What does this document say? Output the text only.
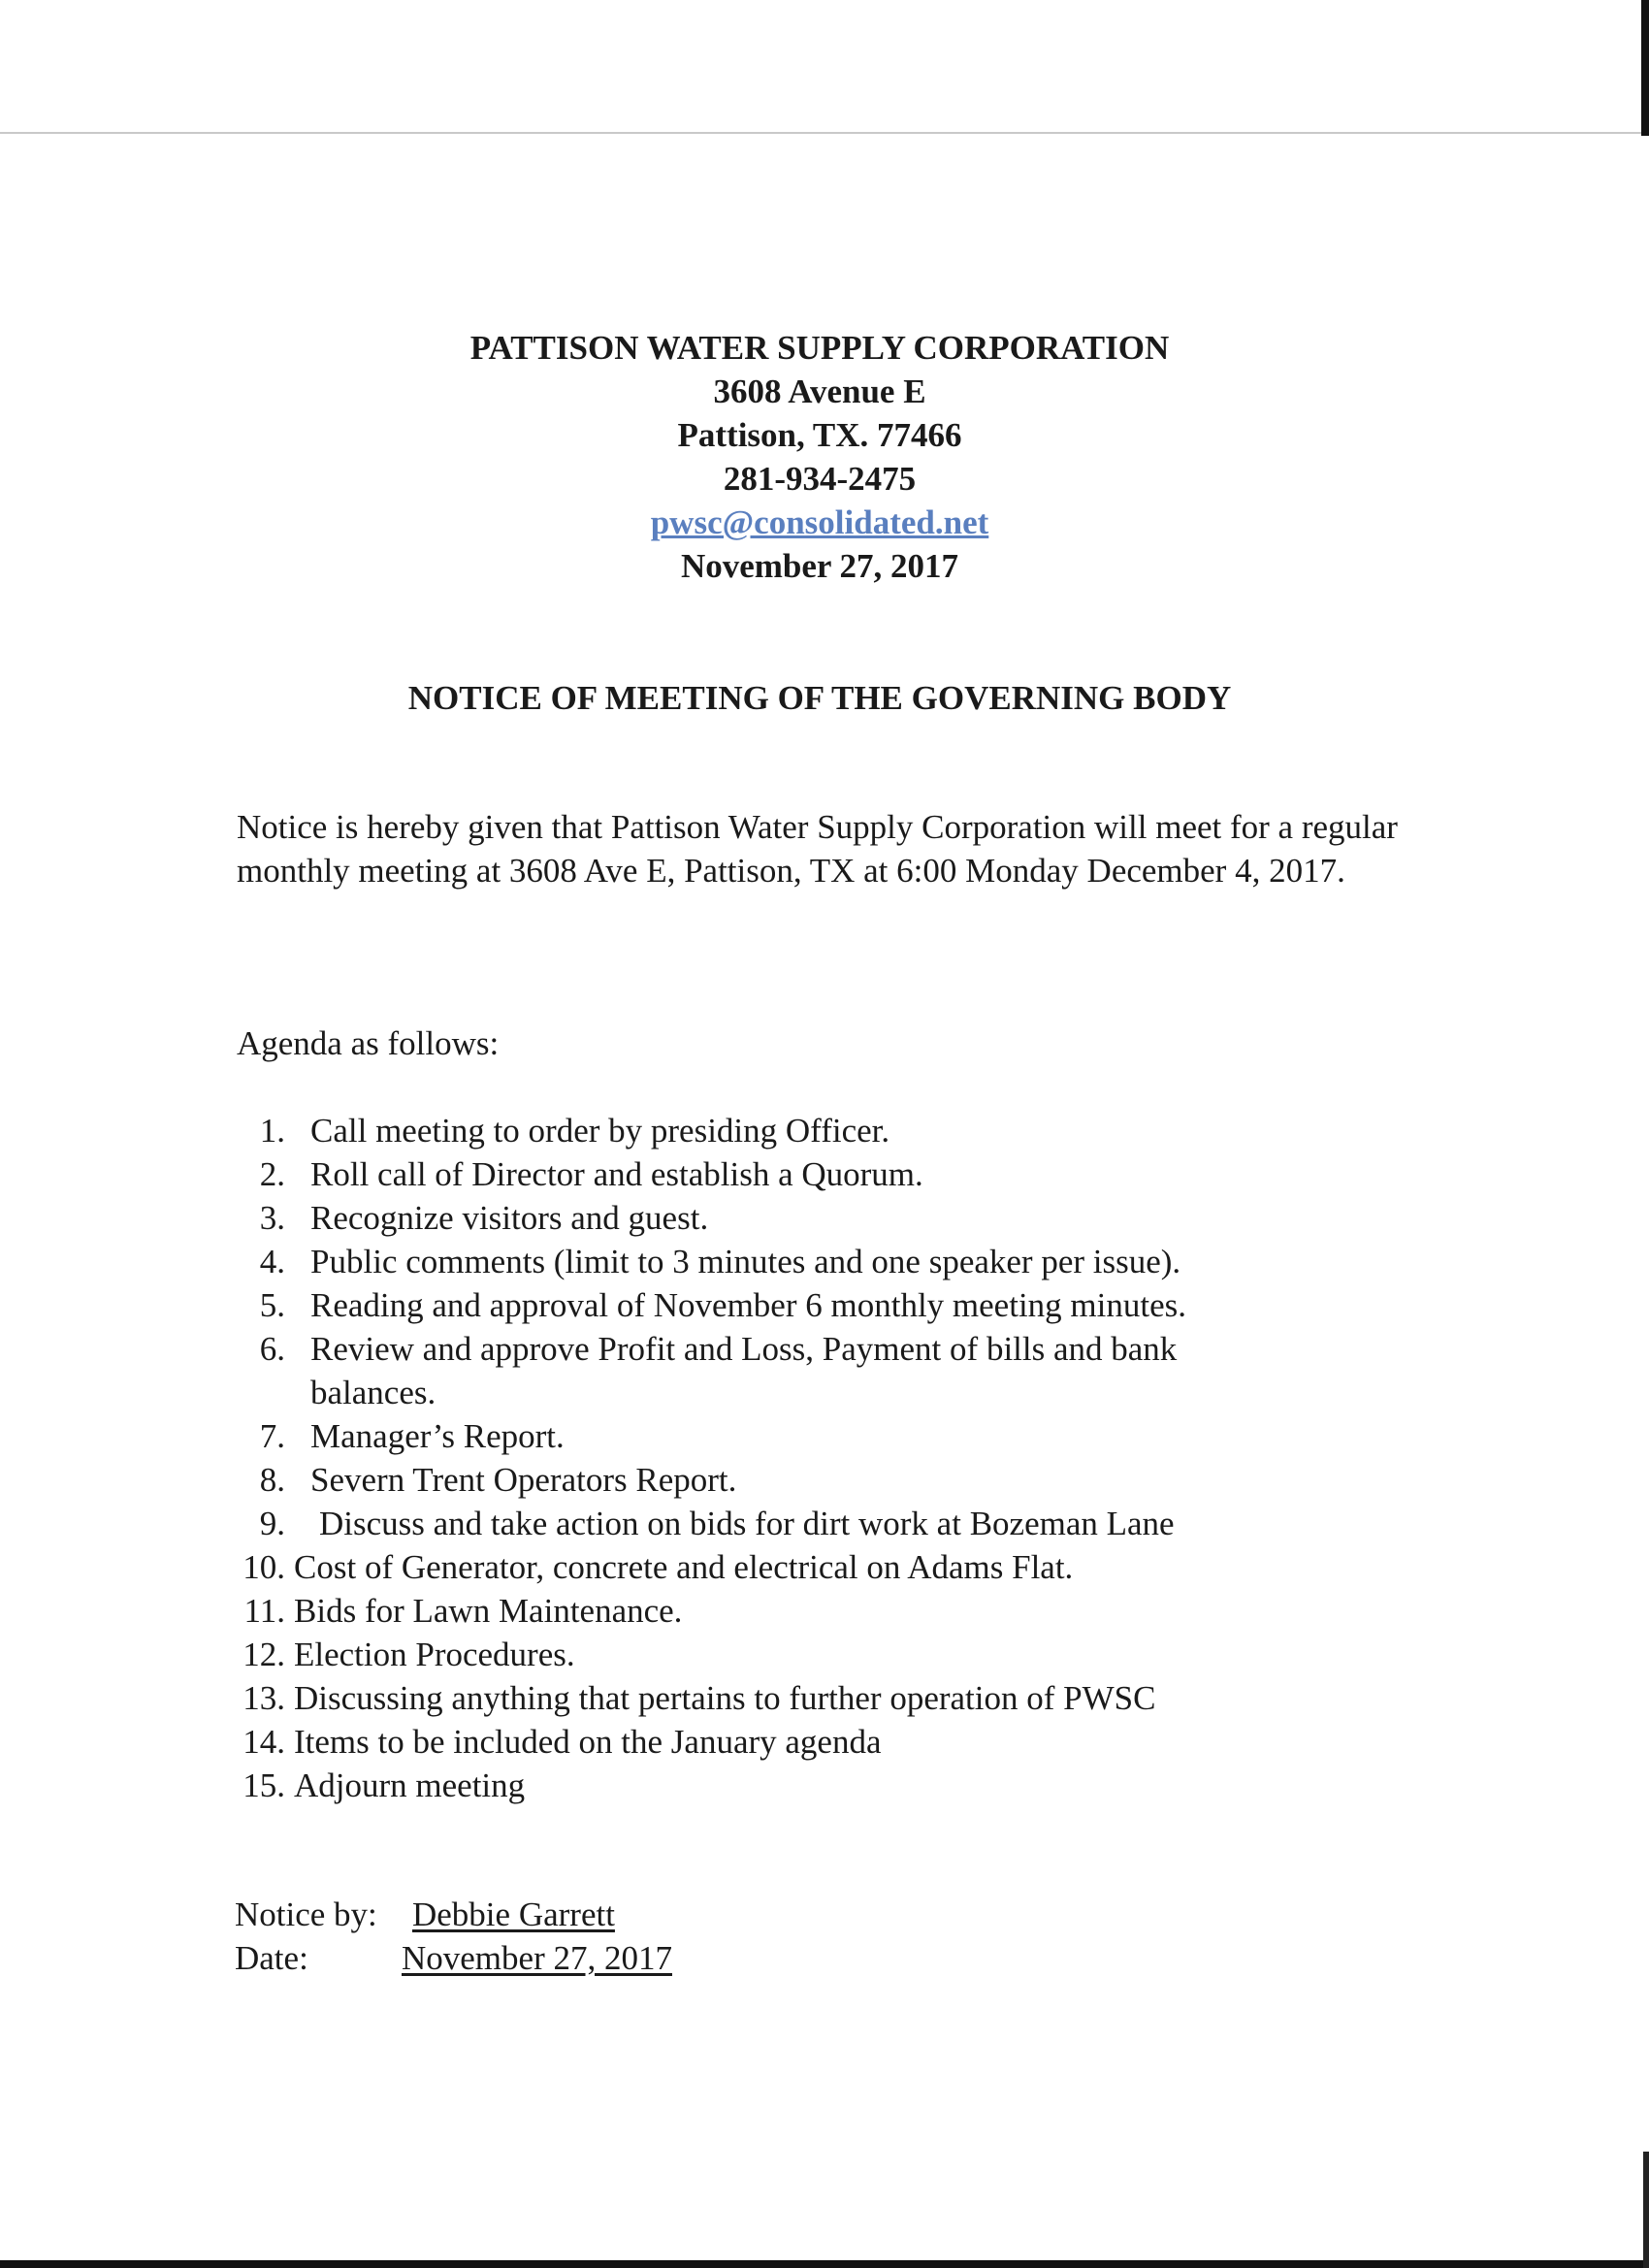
PATTISON WATER SUPPLY CORPORATION
3608 Avenue E
Pattison, TX. 77466
281-934-2475
pwsc@consolidated.net
November 27, 2017
NOTICE OF MEETING OF THE GOVERNING BODY
Notice is hereby given that Pattison Water Supply Corporation will meet for a regular monthly meeting at 3608 Ave E, Pattison, TX at 6:00 Monday December 4, 2017.
Agenda as follows:
1. Call meeting to order by presiding Officer.
2. Roll call of Director and establish a Quorum.
3. Recognize visitors and guest.
4. Public comments (limit to 3 minutes and one speaker per issue).
5. Reading and approval of November 6 monthly meeting minutes.
6. Review and approve Profit and Loss, Payment of bills and bank balances.
7. Manager’s Report.
8. Severn Trent Operators Report.
9.	Discuss and take action on bids for dirt work at Bozeman Lane
10. Cost of Generator, concrete and electrical on Adams Flat.
11. Bids for Lawn Maintenance.
12. Election Procedures.
13. Discussing anything that pertains to further operation of PWSC
14. Items to be included on the January agenda
15. Adjourn meeting
Notice by: Debbie Garrett
Date:	November 27, 2017
